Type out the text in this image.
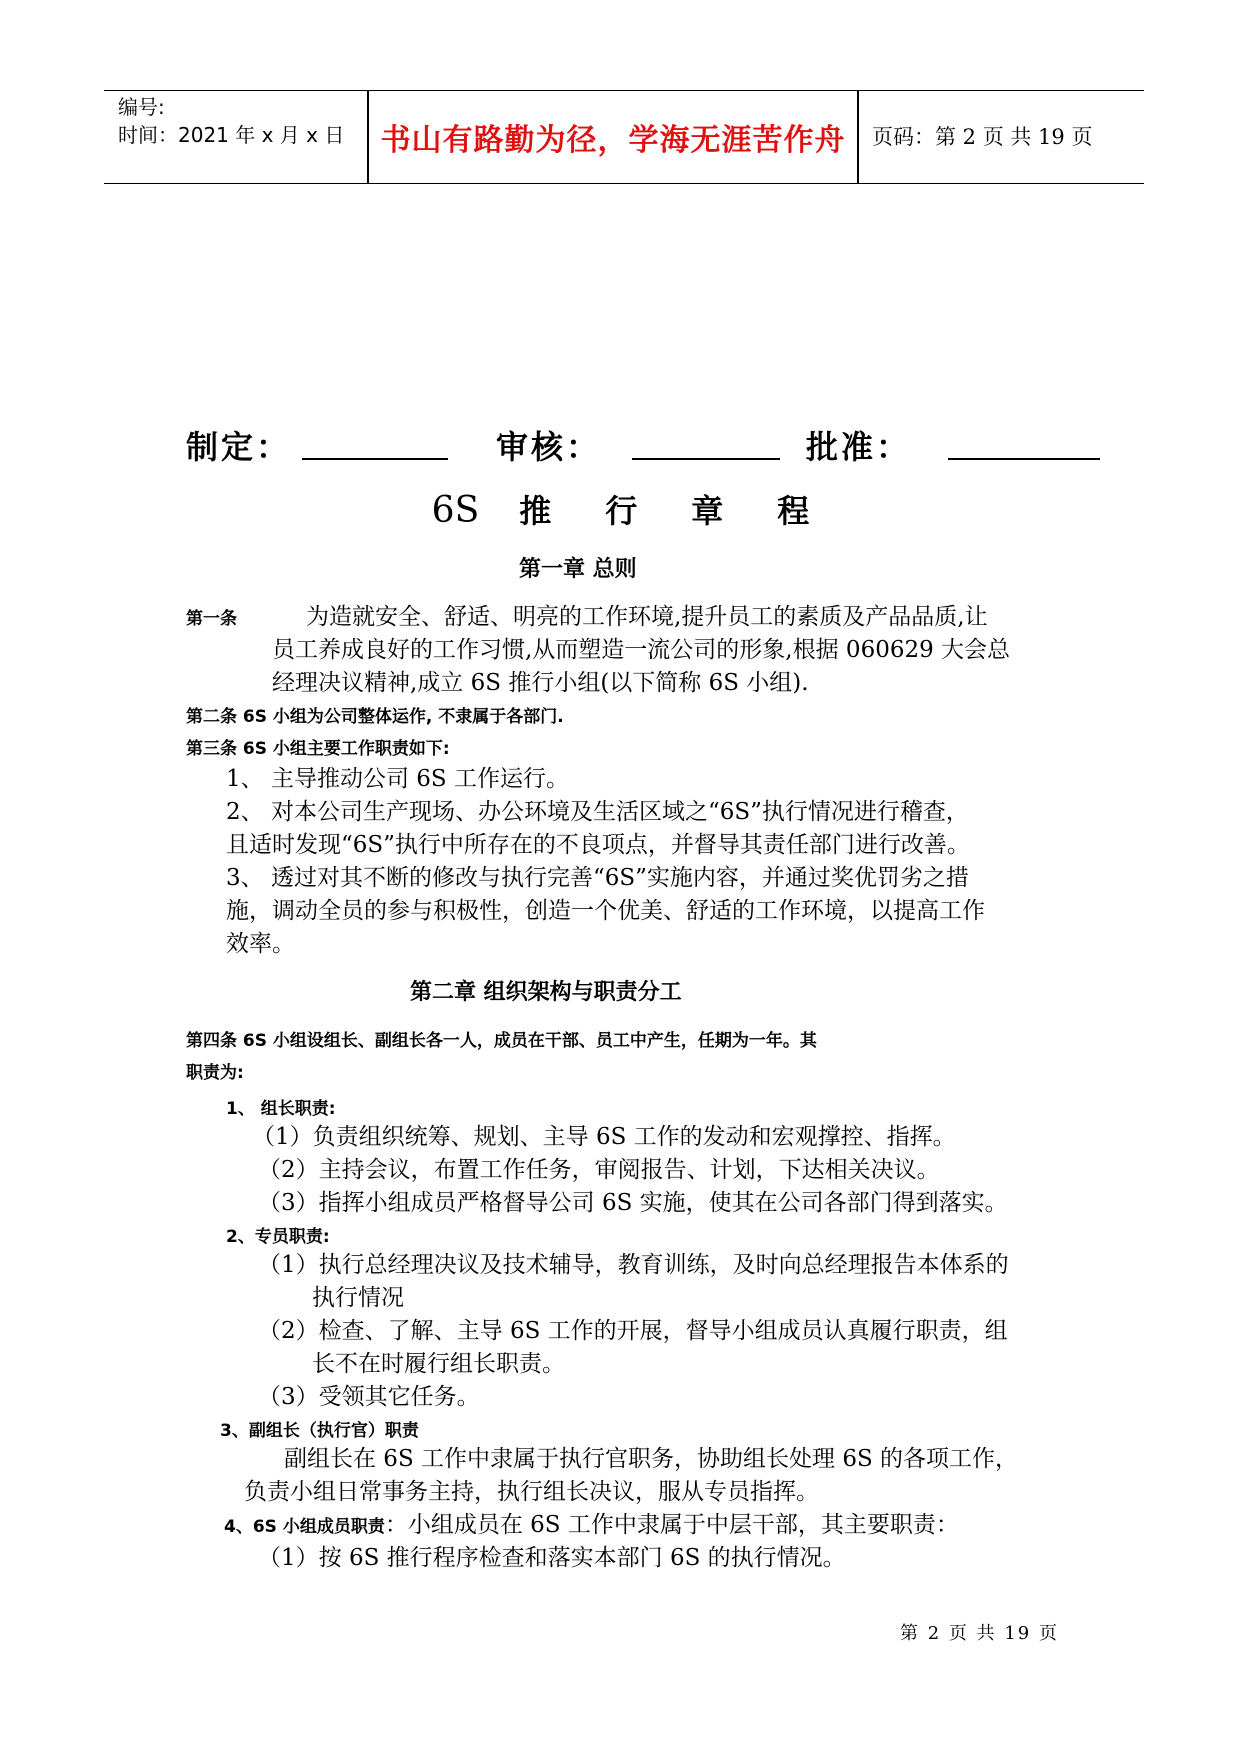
编号:
时间：2021 年 x 月 x 日	书山有路勤为径，学海无涯苦作舟	页码：第 2 页 共 19 页
制定：	审核：	批准：
6S 推 行 章 程
第一章 总则
第一条	为造就安全、舒适、明亮的工作环境,提升员工的素质及产品品质,让
员工养成良好的工作习惯,从而塑造一流公司的形象,根据 060629 大会总
经理决议精神,成立 6S 推行小组(以下简称 6S 小组).
第二条 6S 小组为公司整体运作, 不隶属于各部门.
第三条 6S 小组主要工作职责如下:
1、 主导推动公司 6S 工作运行。
2、 对本公司生产现场、办公环境及生活区域之“6S”执行情况进行稽查，
且适时发现“6S”执行中所存在的不良项点，并督导其责任部门进行改善。
3、 透过对其不断的修改与执行完善“6S”实施内容，并通过奖优罚劣之措
施，调动全员的参与积极性，创造一个优美、舒适的工作环境，以提高工作
效率。
第二章 组织架构与职责分工
第四条 6S 小组设组长、副组长各一人，成员在干部、员工中产生，任期为一年。其
职责为:
1、 组长职责:
（1）负责组织统筹、规划、主导 6S 工作的发动和宏观撑控、指挥。
（2）主持会议，布置工作任务，审阅报告、计划，下达相关决议。
（3）指挥小组成员严格督导公司 6S 实施，使其在公司各部门得到落实。
2、专员职责:
（1）执行总经理决议及技术辅导，教育训练，及时向总经理报告本体系的
执行情况
（2）检查、了解、主导 6S 工作的开展，督导小组成员认真履行职责，组
长不在时履行组长职责。
（3）受领其它任务。
3、副组长（执行官）职责
副组长在 6S 工作中隶属于执行官职务，协助组长处理 6S 的各项工作，
负责小组日常事务主持，执行组长决议，服从专员指挥。
4、6S 小组成员职责：小组成员在 6S 工作中隶属于中层干部，其主要职责：
（1）按 6S 推行程序检查和落实本部门 6S 的执行情况。
第 2 页 共 19 页
